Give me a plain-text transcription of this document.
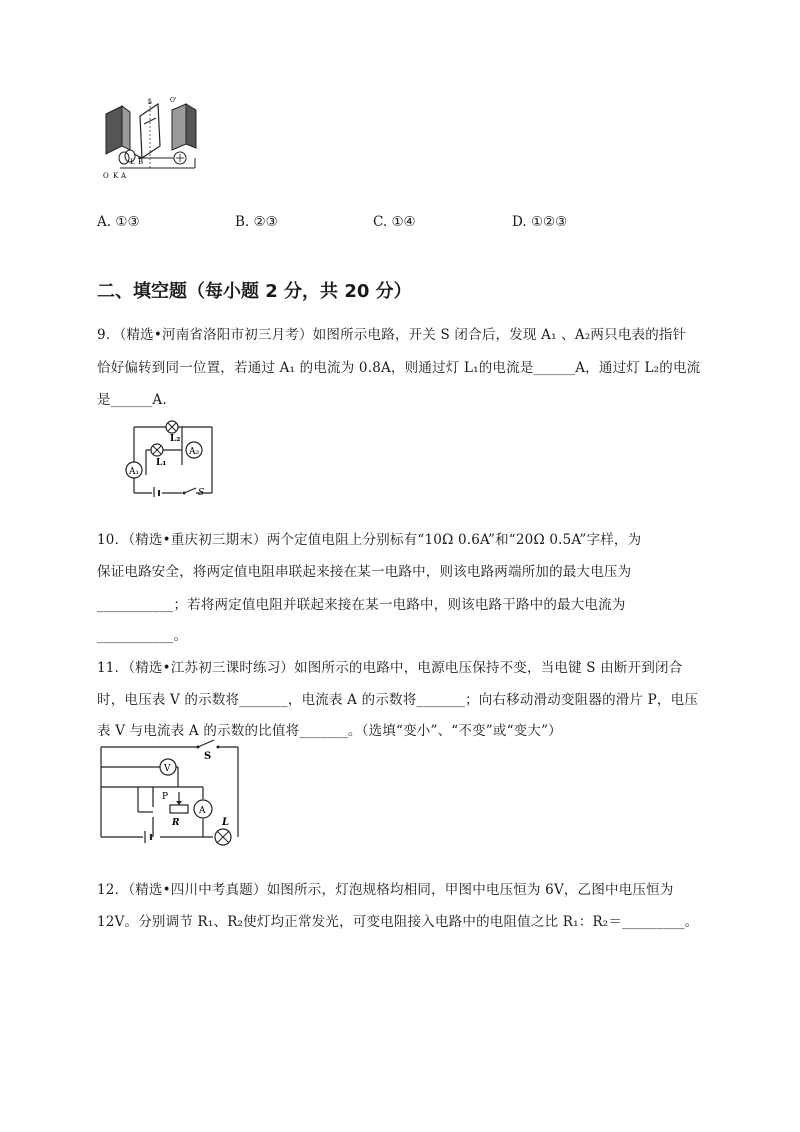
b	O'
O K A
L B
A. ①③	B. ②③	C. ①④	D. ①②③
二、填空题（每小题 2 分，共 20 分）
9．（精选•河南省洛阳市初三月考）如图所示电路，开关 S 闭合后，发现 A₁ 、A₂两只电表的指针
恰好偏转到同一位置，若通过 A₁ 的电流为 0.8A，则通过灯 L₁的电流是______A，通过灯 L₂的电流
是______A.
A₁
A₂
L₂
L₁
S
10．（精选•重庆初三期末）两个定值电阻上分别标有“10Ω 0.6A”和“20Ω 0.5A”字样，为
保证电路安全，将两定值电阻串联起来接在某一电路中，则该电路两端所加的最大电压为
___________；若将两定值电阻并联起来接在某一电路中，则该电路干路中的最大电流为
___________。
11．（精选•江苏初三课时练习）如图所示的电路中，电源电压保持不变，当电键 S 由断开到闭合
时，电压表 V 的示数将_______，电流表 A 的示数将_______；向右移动滑动变阻器的滑片 P，电压
表 V 与电流表 A 的示数的比值将_______。（选填“变小”、“不变”或“变大”）
S
V
P
R
A
L
12．（精选•四川中考真题）如图所示，灯泡规格均相同，甲图中电压恒为 6V，乙图中电压恒为
12V。分别调节 R₁、R₂使灯均正常发光，可变电阻接入电路中的电阻值之比 R₁：R₂＝_________。
